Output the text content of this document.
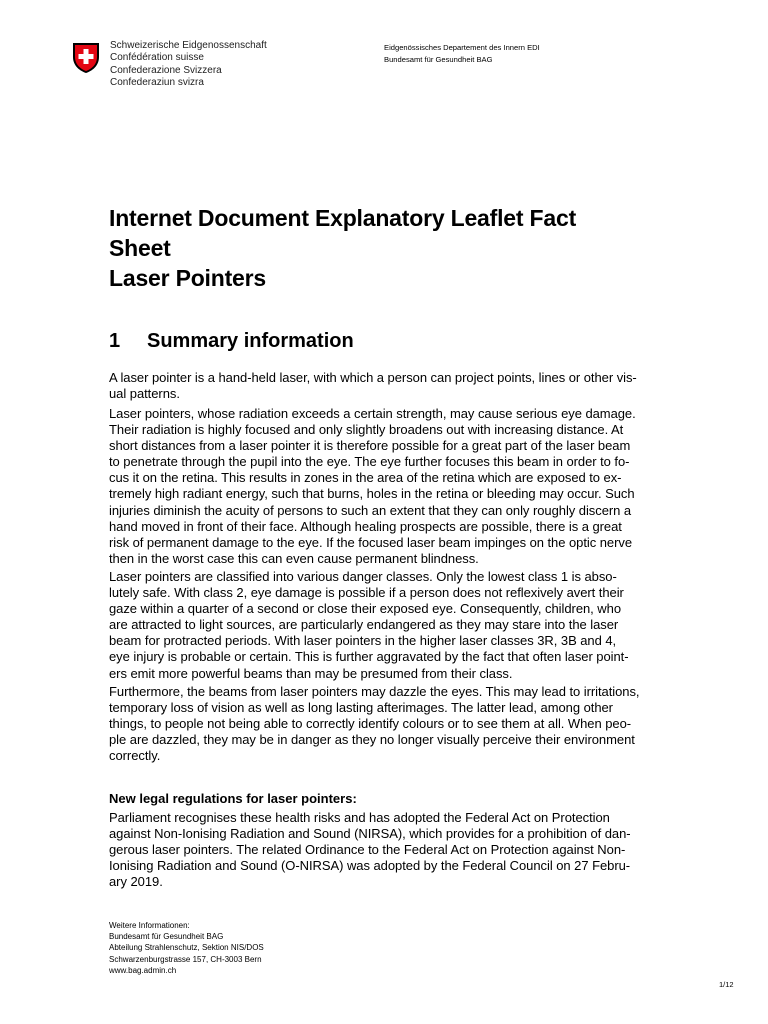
Schweizerische Eidgenossenschaft
Confédération suisse
Confederazione Svizzera
Confederaziun svizra
Eidgenössisches Departement des Innern EDI
Bundesamt für Gesundheit BAG
Internet Document Explanatory Leaflet Fact
Sheet
Laser Pointers
1 Summary information
A laser pointer is a hand-held laser, with which a person can project points, lines or other vis-
ual patterns.
Laser pointers, whose radiation exceeds a certain strength, may cause serious eye damage.
Their radiation is highly focused and only slightly broadens out with increasing distance. At
short distances from a laser pointer it is therefore possible for a great part of the laser beam
to penetrate through the pupil into the eye. The eye further focuses this beam in order to fo-
cus it on the retina. This results in zones in the area of the retina which are exposed to ex-
tremely high radiant energy, such that burns, holes in the retina or bleeding may occur. Such
injuries diminish the acuity of persons to such an extent that they can only roughly discern a
hand moved in front of their face. Although healing prospects are possible, there is a great
risk of permanent damage to the eye. If the focused laser beam impinges on the optic nerve
then in the worst case this can even cause permanent blindness.
Laser pointers are classified into various danger classes. Only the lowest class 1 is abso-
lutely safe. With class 2, eye damage is possible if a person does not reflexively avert their
gaze within a quarter of a second or close their exposed eye. Consequently, children, who
are attracted to light sources, are particularly endangered as they may stare into the laser
beam for protracted periods. With laser pointers in the higher laser classes 3R, 3B and 4,
eye injury is probable or certain. This is further aggravated by the fact that often laser point-
ers emit more powerful beams than may be presumed from their class.
Furthermore, the beams from laser pointers may dazzle the eyes. This may lead to irritations,
temporary loss of vision as well as long lasting afterimages. The latter lead, among other
things, to people not being able to correctly identify colours or to see them at all. When peo-
ple are dazzled, they may be in danger as they no longer visually perceive their environment
correctly.
New legal regulations for laser pointers:
Parliament recognises these health risks and has adopted the Federal Act on Protection
against Non-Ionising Radiation and Sound (NIRSA), which provides for a prohibition of dan-
gerous laser pointers. The related Ordinance to the Federal Act on Protection against Non-
Ionising Radiation and Sound (O-NIRSA) was adopted by the Federal Council on 27 Febru-
ary 2019.
Weitere Informationen:
Bundesamt für Gesundheit BAG
Abteilung Strahlenschutz, Sektion NIS/DOS
Schwarzenburgstrasse 157, CH-3003 Bern
www.bag.admin.ch
1/12
